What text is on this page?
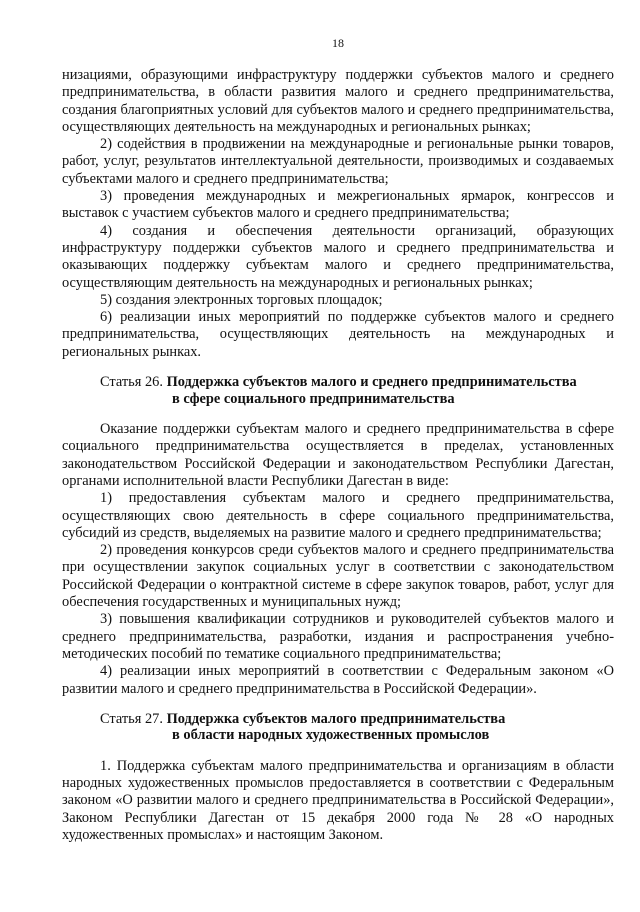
18

низациями, образующими инфраструктуру поддержки субъектов малого и среднего предпринимательства, в области развития малого и среднего предпринимательства, создания благоприятных условий для субъектов малого и среднего предпринимательства, осуществляющих деятельность на международных и региональных рынках;

2) содействия в продвижении на международные и региональные рынки товаров, работ, услуг, результатов интеллектуальной деятельности, производимых и создаваемых субъектами малого и среднего предпринимательства;

3) проведения международных и межрегиональных ярмарок, конгрессов и выставок с участием субъектов малого и среднего предпринимательства;

4) создания и обеспечения деятельности организаций, образующих инфраструктуру поддержки субъектов малого и среднего предпринимательства и оказывающих поддержку субъектам малого и среднего предпринимательства, осуществляющим деятельность на международных и региональных рынках;

5) создания электронных торговых площадок;

6) реализации иных мероприятий по поддержке субъектов малого и среднего предпринимательства, осуществляющих деятельность на международных и региональных рынках.

Статья 26. Поддержка субъектов малого и среднего предпринимательства
в сфере социального предпринимательства

Оказание поддержки субъектам малого и среднего предпринимательства в сфере социального предпринимательства осуществляется в пределах, установленных законодательством Российской Федерации и законодательством Республики Дагестан, органами исполнительной власти Республики Дагестан в виде:

1) предоставления субъектам малого и среднего предпринимательства, осуществляющих свою деятельность в сфере социального предпринимательства, субсидий из средств, выделяемых на развитие малого и среднего предпринимательства;

2) проведения конкурсов среди субъектов малого и среднего предпринимательства при осуществлении закупок социальных услуг в соответствии с законодательством Российской Федерации о контрактной системе в сфере закупок товаров, работ, услуг для обеспечения государственных и муниципальных нужд;

3) повышения квалификации сотрудников и руководителей субъектов малого и среднего предпринимательства, разработки, издания и распространения учебно-методических пособий по тематике социального предпринимательства;

4) реализации иных мероприятий в соответствии с Федеральным законом «О развитии малого и среднего предпринимательства в Российской Федерации».

Статья 27. Поддержка субъектов малого предпринимательства
в области народных художественных промыслов

1. Поддержка субъектам малого предпринимательства и организациям в области народных художественных промыслов предоставляется в соответствии с Федеральным законом «О развитии малого и среднего предпринимательства в Российской Федерации», Законом Республики Дагестан от 15 декабря 2000 года № 28 «О народных художественных промыслах» и настоящим Законом.
